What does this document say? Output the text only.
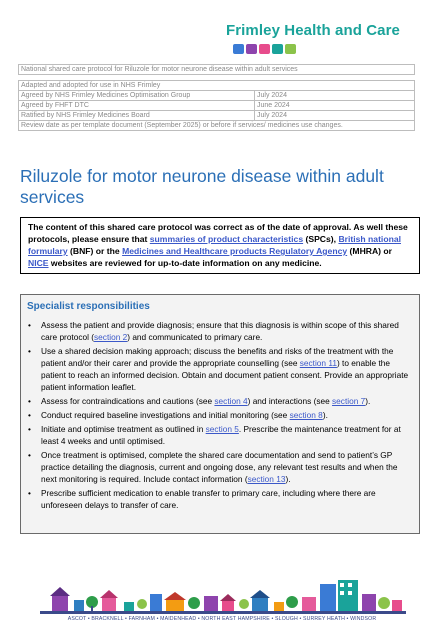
Frimley Health and Care
National shared care protocol for Riluzole for motor neurone disease within adult services	

Adapted and adopted for use in NHS Frimley	
Agreed by NHS Frimley Medicines Optimisation Group	July 2024
Agreed by FHFT DTC	June 2024
Ratified by NHS Frimley Medicines Board	July 2024
Review date as per template document (September 2025) or before if services/ medicines use changes.	
Riluzole for motor neurone disease within adult services
The content of this shared care protocol was correct as of the date of approval. As well these protocols, please ensure that summaries of product characteristics (SPCs), British national formulary (BNF) or the Medicines and Healthcare products Regulatory Agency (MHRA) or NICE websites are reviewed for up-to-date information on any medicine.
Specialist responsibilities
• Assess the patient and provide diagnosis; ensure that this diagnosis is within scope of this shared care protocol (section 2) and communicated to primary care.
• Use a shared decision making approach; discuss the benefits and risks of the treatment with the patient and/or their carer and provide the appropriate counselling (see section 11) to enable the patient to reach an informed decision. Obtain and document patient consent. Provide an appropriate patient information leaflet.
• Assess for contraindications and cautions (see section 4) and interactions (see section 7).
• Conduct required baseline investigations and initial monitoring (see section 8).
• Initiate and optimise treatment as outlined in section 5. Prescribe the maintenance treatment for at least 4 weeks and until optimised.
• Once treatment is optimised, complete the shared care documentation and send to patient’s GP practice detailing the diagnosis, current and ongoing dose, any relevant test results and when the next monitoring is required. Include contact information (section 13).
• Prescribe sufficient medication to enable transfer to primary care, including where there are unforeseen delays to transfer of care.
ASCOT • BRACKNELL • FARNHAM • MAIDENHEAD • NORTH EAST HAMPSHIRE • SLOUGH • SURREY HEATH • WINDSOR
